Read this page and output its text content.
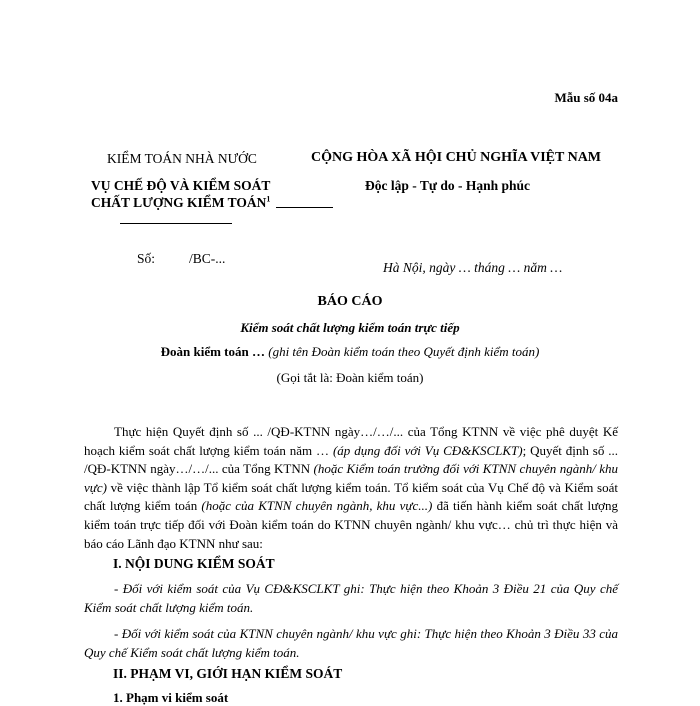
Mẫu số 04a
KIỂM TOÁN NHÀ NƯỚC	CỘNG HÒA XÃ HỘI CHỦ NGHĨA VIỆT NAM
VỤ CHẾ ĐỘ VÀ KIỂM SOÁT
CHẤT LƯỢNG KIỂM TOÁN$^1$
Độc lập - Tự do - Hạnh phúc
Số:	/BC-...
Hà Nội, ngày … tháng … năm …
BÁO CÁO
Kiểm soát chất lượng kiểm toán trực tiếp
Đoàn kiểm toán … (ghi tên Đoàn kiểm toán theo Quyết định kiểm toán)
(Gọi tắt là: Đoàn kiểm toán)
Thực hiện Quyết định số ... /QĐ-KTNN ngày…/…/... của Tổng KTNN về việc phê duyệt Kế hoạch kiểm soát chất lượng kiểm toán năm … (áp dụng đối với Vụ CĐ&KSCLKT); Quyết định số ... /QĐ-KTNN ngày…/…/... của Tổng KTNN (hoặc Kiểm toán trưởng đối với KTNN chuyên ngành/ khu vực) về việc thành lập Tổ kiểm soát chất lượng kiểm toán. Tổ kiểm soát của Vụ Chế độ và Kiểm soát chất lượng kiểm toán (hoặc của KTNN chuyên ngành, khu vực...) đã tiến hành kiểm soát chất lượng kiểm toán trực tiếp đối với Đoàn kiểm toán do KTNN chuyên ngành/ khu vực… chủ trì thực hiện và báo cáo Lãnh đạo KTNN như sau:
I. NỘI DUNG KIỂM SOÁT
- Đối với kiểm soát của Vụ CĐ&KSCLKT ghi: Thực hiện theo Khoản 3 Điều 21 của Quy chế Kiểm soát chất lượng kiểm toán.
- Đối với kiểm soát của KTNN chuyên ngành/ khu vực ghi: Thực hiện theo Khoản 3 Điều 33 của Quy chế Kiểm soát chất lượng kiểm toán.
II. PHẠM VI, GIỚI HẠN KIỂM SOÁT
1. Phạm vi kiểm soát
